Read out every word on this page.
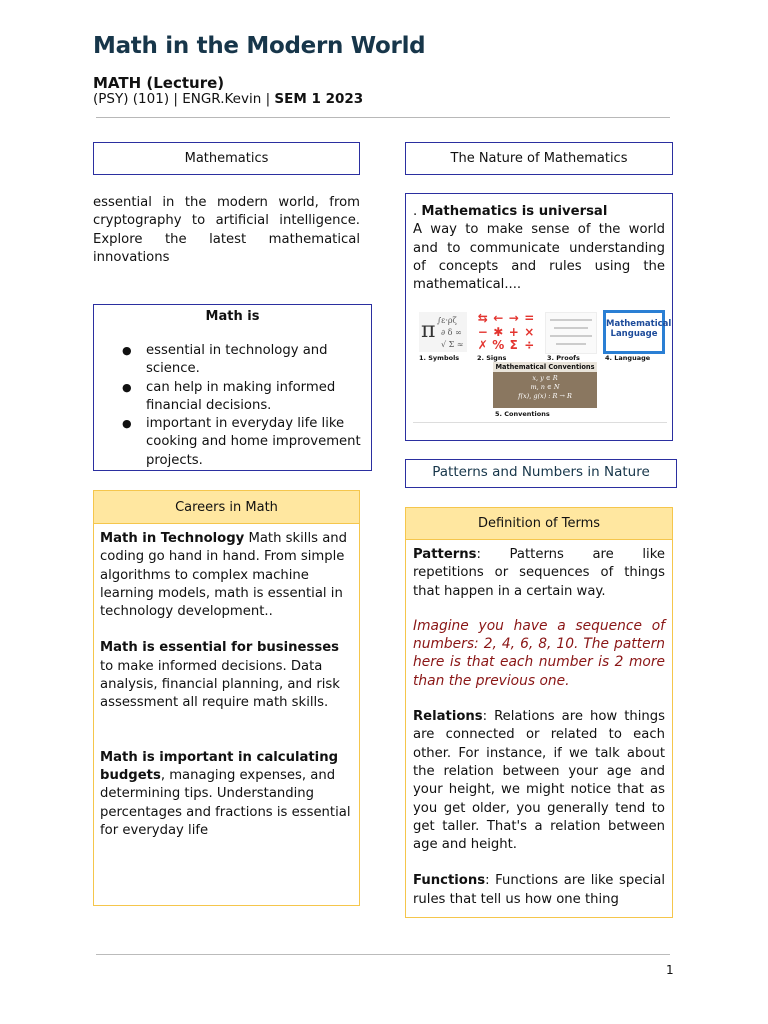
Math in the Modern World
MATH (Lecture)
(PSY) (101) | ENGR.Kevin | SEM 1 2023
Mathematics
essential in the modern world, from cryptography to artificial intelligence. Explore the latest mathematical innovations
Math is
● essential in technology and science.
● can help in making informed financial decisions.
● important in everyday life like cooking and home improvement projects.
Careers in Math

Math in Technology Math skills and coding go hand in hand. From simple algorithms to complex machine learning models, math is essential in technology development..

Math is essential for businesses to make informed decisions. Data analysis, financial planning, and risk assessment all require math skills.

Math is important in calculating budgets, managing expenses, and determining tips. Understanding percentages and fractions is essential for everyday life

The Nature of Mathematics
. Mathematics is universal
A way to make sense of the world and to communicate understanding of concepts and rules using the mathematical....
π ∫ε·ρζ
∂ δ ∞
√ Σ ≈
⇆ ← → =
− ✱ + ×
✗ % Σ ÷
Mathematical Language
1. Symbols	2. Signs	3. Proofs	4. Language
Mathematical Conventions
x, y ∈ R
m, n ∈ N
f(x), g(x) : R → R
5. Conventions
Patterns and Numbers in Nature
Definition of Terms

Patterns: Patterns are like repetitions or sequences of things that happen in a certain way.

Imagine you have a sequence of numbers: 2, 4, 6, 8, 10. The pattern here is that each number is 2 more than the previous one.

Relations: Relations are how things are connected or related to each other. For instance, if we talk about the relation between your age and your height, we might notice that as you get older, you generally tend to get taller. That's a relation between age and height.

Functions: Functions are like special rules that tell us how one thing

1
